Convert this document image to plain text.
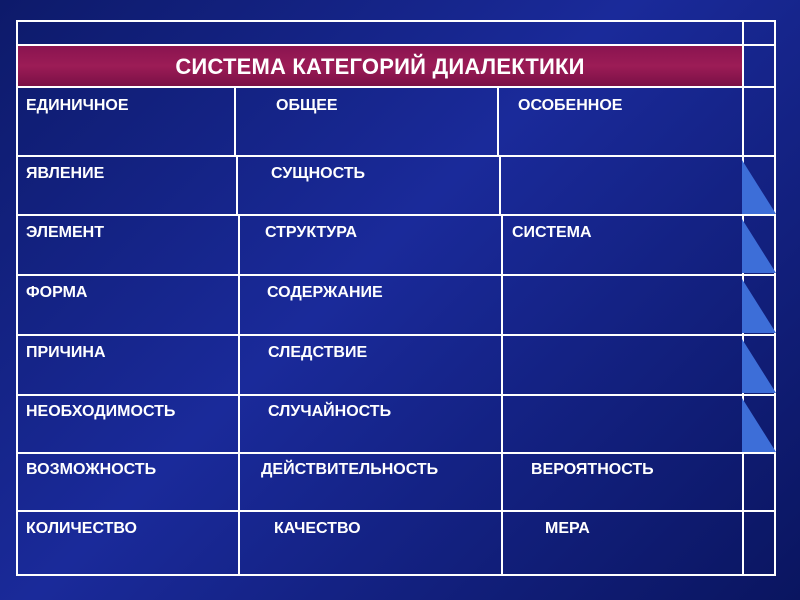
СИСТЕМА КАТЕГОРИЙ ДИАЛЕКТИКИ
ЕДИНИЧНОЕ	ОБЩЕЕ	ОСОБЕННОЕ
ЯВЛЕНИЕ	СУЩНОСТЬ
ЭЛЕМЕНТ	СТРУКТУРА	СИСТЕМА
ФОРМА	СОДЕРЖАНИЕ
ПРИЧИНА	СЛЕДСТВИЕ
НЕОБХОДИМОСТЬ	СЛУЧАЙНОСТЬ
ВОЗМОЖНОСТЬ	ДЕЙСТВИТЕЛЬНОСТЬ	ВЕРОЯТНОСТЬ
КОЛИЧЕСТВО	КАЧЕСТВО	МЕРА
